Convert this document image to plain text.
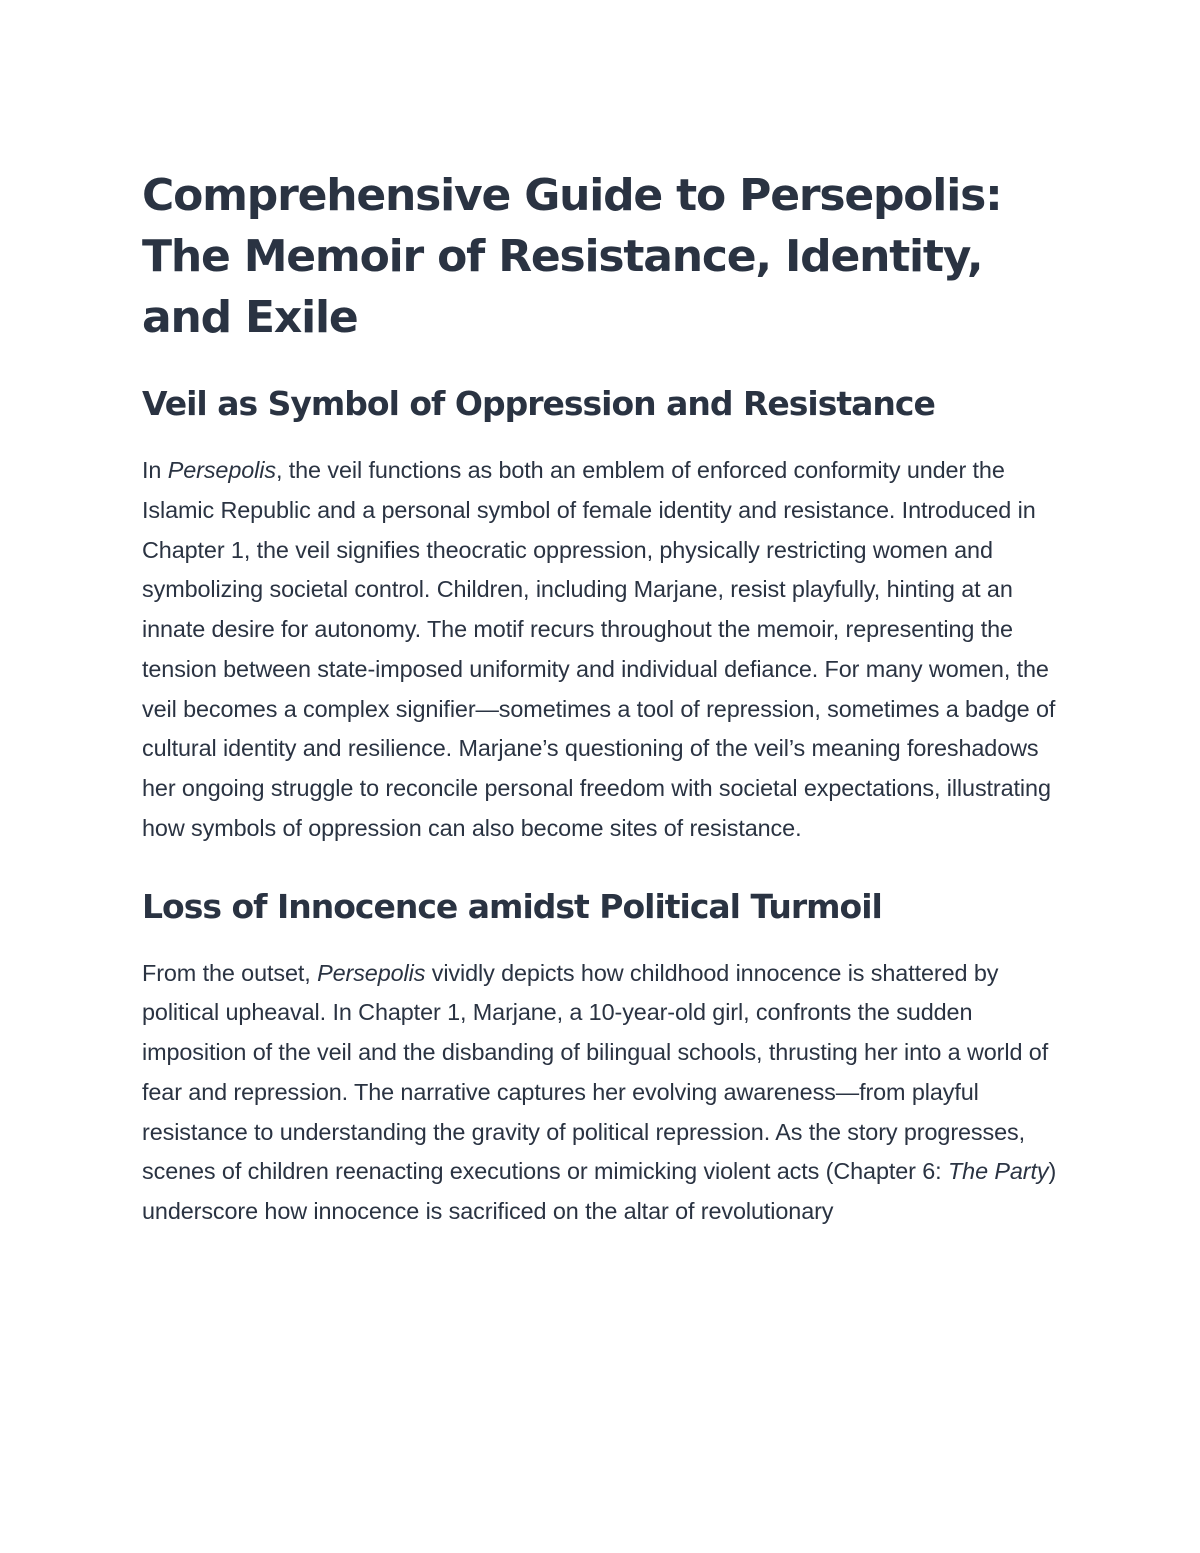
Comprehensive Guide to Persepolis: The Memoir of Resistance, Identity, and Exile
Veil as Symbol of Oppression and Resistance

In Persepolis, the veil functions as both an emblem of enforced conformity under the Islamic Republic and a personal symbol of female identity and resistance. Introduced in Chapter 1, the veil signifies theocratic oppression, physically restricting women and symbolizing societal control. Children, including Marjane, resist playfully, hinting at an innate desire for autonomy. The motif recurs throughout the memoir, representing the tension between state-imposed uniformity and individual defiance. For many women, the veil becomes a complex signifier—sometimes a tool of repression, sometimes a badge of cultural identity and resilience. Marjane’s questioning of the veil’s meaning foreshadows her ongoing struggle to reconcile personal freedom with societal expectations, illustrating how symbols of oppression can also become sites of resistance.

Loss of Innocence amidst Political Turmoil

From the outset, Persepolis vividly depicts how childhood innocence is shattered by political upheaval. In Chapter 1, Marjane, a 10-year-old girl, confronts the sudden imposition of the veil and the disbanding of bilingual schools, thrusting her into a world of fear and repression. The narrative captures her evolving awareness—from playful resistance to understanding the gravity of political repression. As the story progresses, scenes of children reenacting executions or mimicking violent acts (Chapter 6: The Party) underscore how innocence is sacrificed on the altar of revolutionary
